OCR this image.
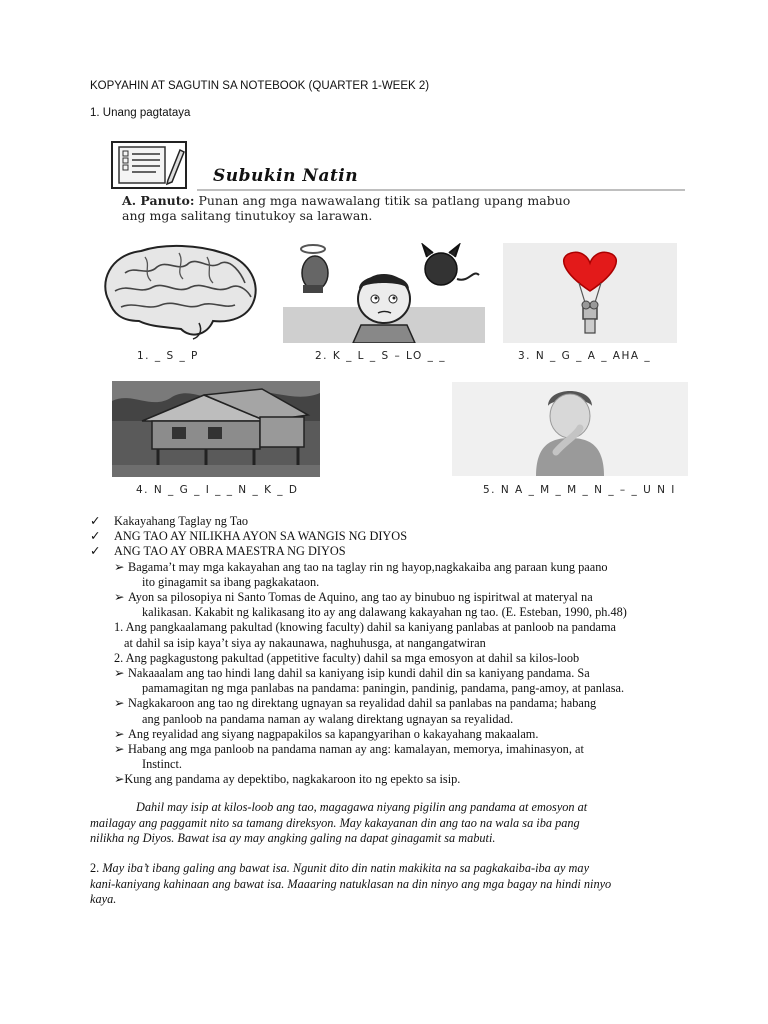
KOPYAHIN AT SAGUTIN SA NOTEBOOK (QUARTER 1-WEEK 2)
1. Unang pagtataya
Subukin Natin
A. Panuto: Punan ang mga nawawalang titik sa patlang upang mabuo
ang mga salitang tinutukoy sa larawan.
1. _ S _ P	2. K _ L _ S – LO _ _	3. N _ G _ A _ AHA _
4. N _ G _ I _ _ N _ K _ D	5. N A _ M _ M _ N _ – _ U N I
✓	Kakayahang Taglay ng Tao
✓	ANG TAO AY NILIKHA AYON SA WANGIS NG DIYOS
✓	ANG TAO AY OBRA MAESTRA NG DIYOS
➢ Bagama’t may mga kakayahan ang tao na taglay rin ng hayop,nagkakaiba ang paraan kung paano
ito ginagamit sa ibang pagkakataon.
➢ Ayon sa pilosopiya ni Santo Tomas de Aquino, ang tao ay binubuo ng ispiritwal at materyal na
kalikasan. Kakabit ng kalikasang ito ay ang dalawang kakayahan ng tao. (E. Esteban, 1990, ph.48)
1. Ang pangkaalamang pakultad (knowing faculty) dahil sa kaniyang panlabas at panloob na pandama
at dahil sa isip kaya’t siya ay nakaunawa, naghuhusga, at nangangatwiran
2. Ang pagkagustong pakultad (appetitive faculty) dahil sa mga emosyon at dahil sa kilos-loob
➢ Nakaaalam ang tao hindi lang dahil sa kaniyang isip kundi dahil din sa kaniyang pandama. Sa
pamamagitan ng mga panlabas na pandama: paningin, pandinig, pandama, pang-amoy, at panlasa.
➢ Nagkakaroon ang tao ng direktang ugnayan sa reyalidad dahil sa panlabas na pandama; habang
ang panloob na pandama naman ay walang direktang ugnayan sa reyalidad.
➢ Ang reyalidad ang siyang nagpapakilos sa kapangyarihan o kakayahang makaalam.
➢ Habang ang mga panloob na pandama naman ay ang: kamalayan, memorya, imahinasyon, at
Instinct.
➢Kung ang pandama ay depektibo, nagkakaroon ito ng epekto sa isip.
Dahil may isip at kilos-loob ang tao, magagawa niyang pigilin ang pandama at emosyon at
mailagay ang paggamit nito sa tamang direksyon. May kakayanan din ang tao na wala sa iba pang
nilikha ng Diyos. Bawat isa ay may angking galing na dapat ginagamit sa mabuti.
2. May iba’t ibang galing ang bawat isa. Ngunit dito din natin makikita na sa pagkakaiba-iba ay may
kani-kaniyang kahinaan ang bawat isa. Maaaring natuklasan na din ninyo ang mga bagay na hindi ninyo
kaya.
